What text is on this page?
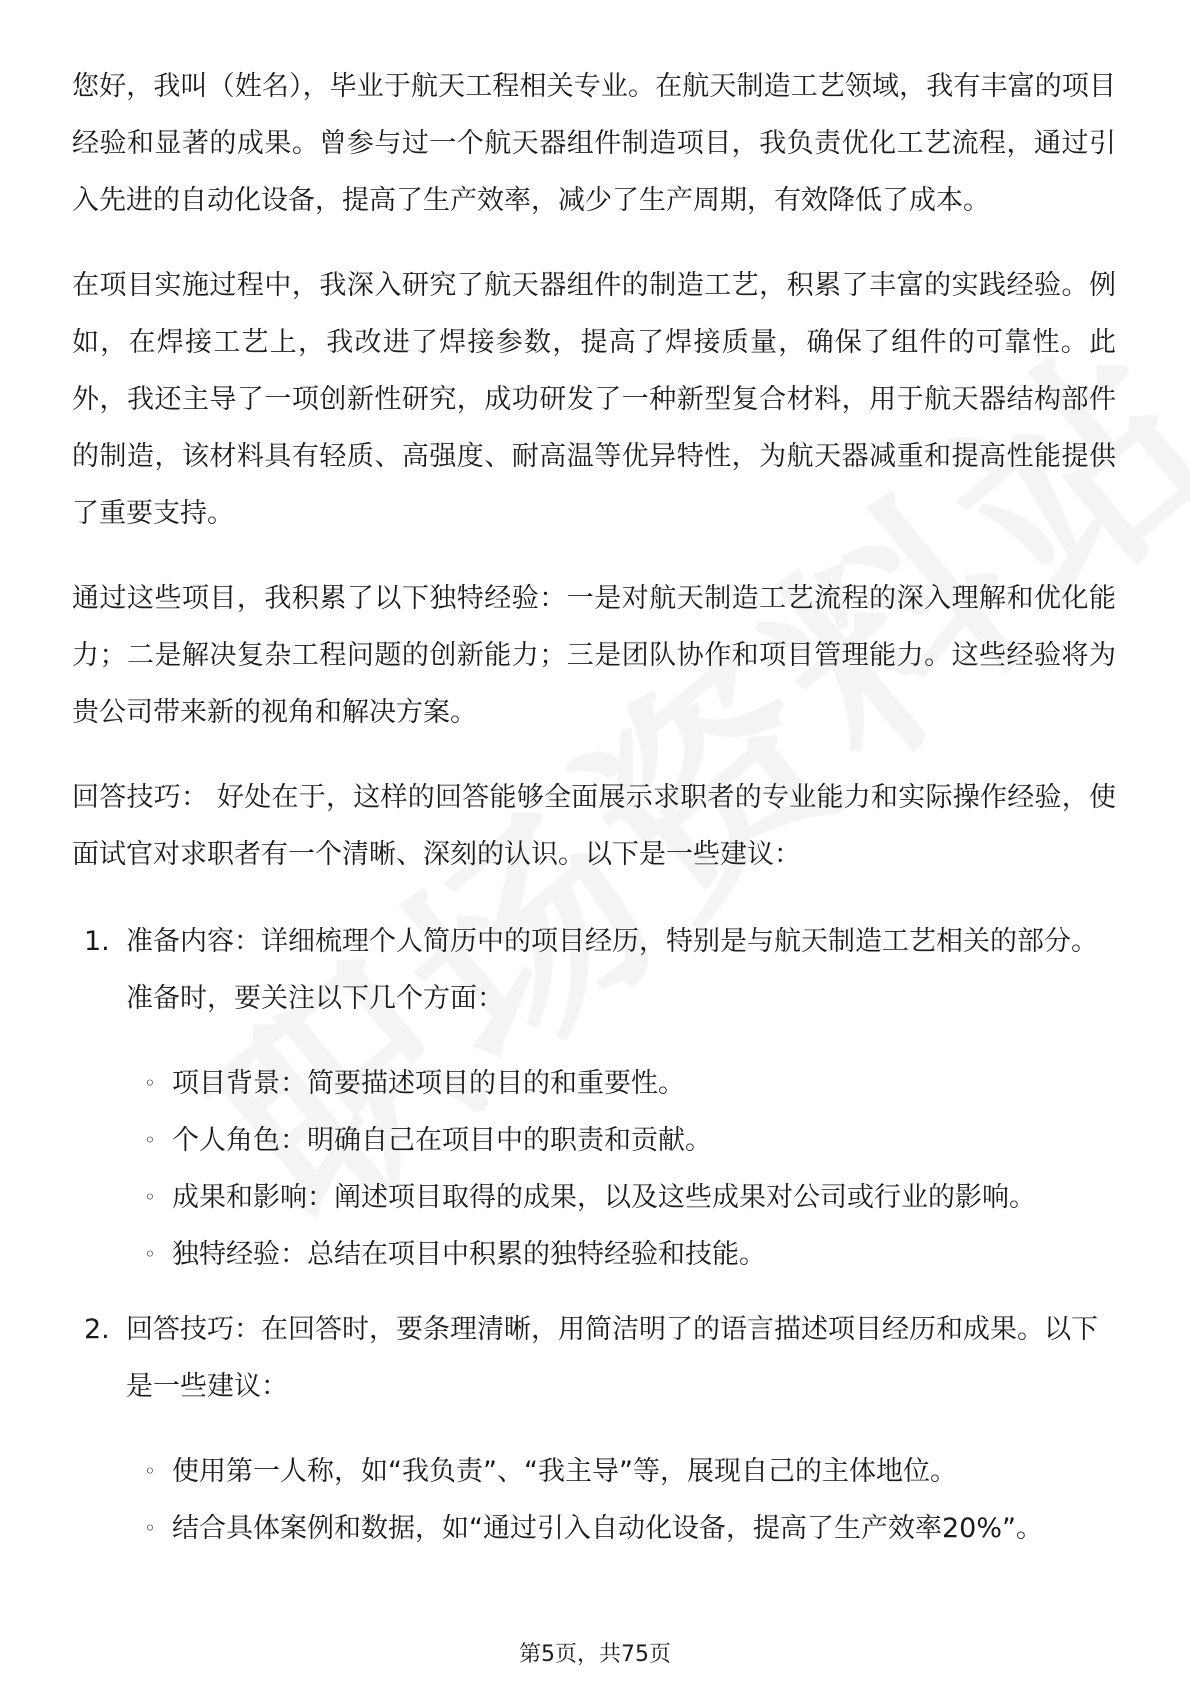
您好，我叫（姓名），毕业于航天工程相关专业。在航天制造工艺领域，我有丰富的项目经验和显著的成果。曾参与过一个航天器组件制造项目，我负责优化工艺流程，通过引入先进的自动化设备，提高了生产效率，减少了生产周期，有效降低了成本。

在项目实施过程中，我深入研究了航天器组件的制造工艺，积累了丰富的实践经验。例如，在焊接工艺上，我改进了焊接参数，提高了焊接质量，确保了组件的可靠性。此外，我还主导了一项创新性研究，成功研发了一种新型复合材料，用于航天器结构部件的制造，该材料具有轻质、高强度、耐高温等优异特性，为航天器减重和提高性能提供了重要支持。

通过这些项目，我积累了以下独特经验：一是对航天制造工艺流程的深入理解和优化能力；二是解决复杂工程问题的创新能力；三是团队协作和项目管理能力。这些经验将为贵公司带来新的视角和解决方案。

回答技巧： 好处在于，这样的回答能够全面展示求职者的专业能力和实际操作经验，使面试官对求职者有一个清晰、深刻的认识。以下是一些建议：

1. 准备内容：详细梳理个人简历中的项目经历，特别是与航天制造工艺相关的部分。准备时，要关注以下几个方面：
◦ 项目背景：简要描述项目的目的和重要性。
◦ 个人角色：明确自己在项目中的职责和贡献。
◦ 成果和影响：阐述项目取得的成果，以及这些成果对公司或行业的影响。
◦ 独特经验：总结在项目中积累的独特经验和技能。
2. 回答技巧：在回答时，要条理清晰，用简洁明了的语言描述项目经历和成果。以下是一些建议：
◦ 使用第一人称，如“我负责”、“我主导”等，展现自己的主体地位。
◦ 结合具体案例和数据，如“通过引入自动化设备，提高了生产效率20%”。
第5页，共75页
